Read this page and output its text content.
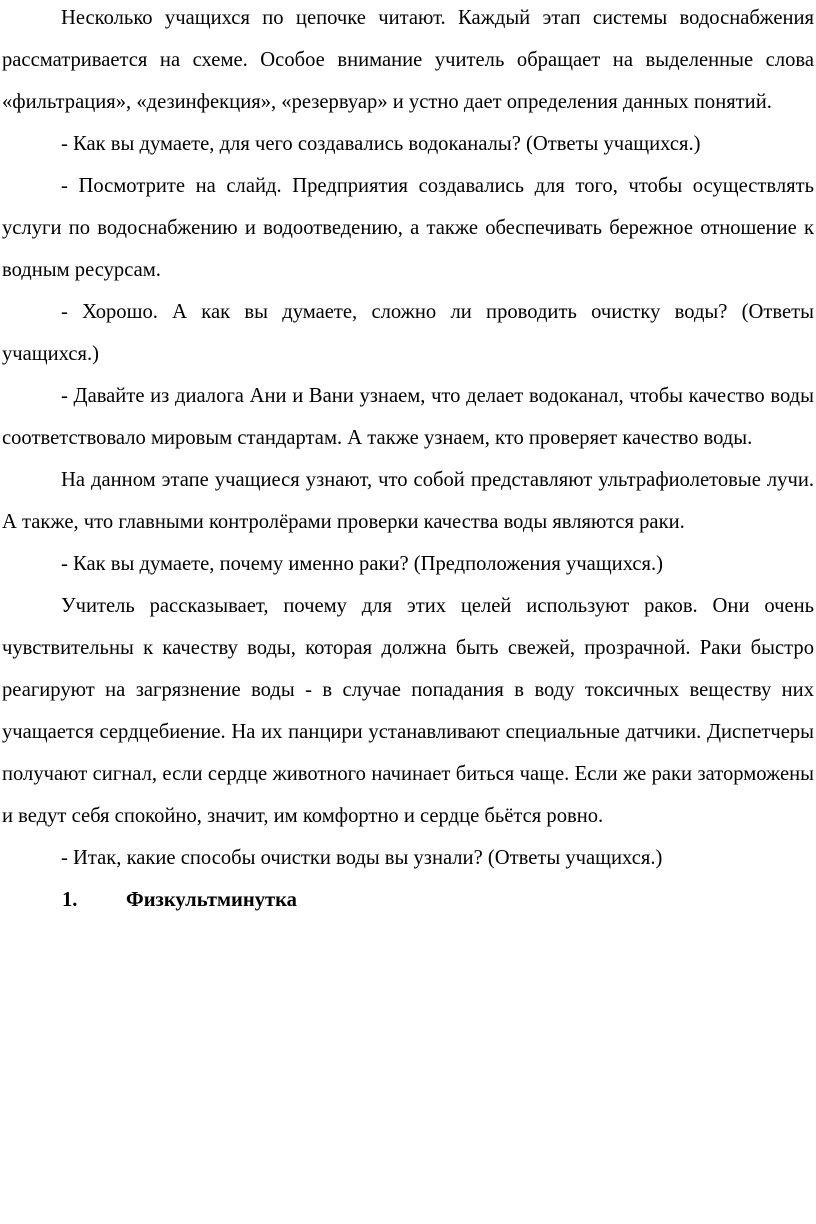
Несколько учащихся по цепочке читают. Каждый этап системы водоснабжения рассматривается на схеме. Особое внимание учитель обращает на выделенные слова «фильтрация», «дезинфекция», «резервуар» и устно дает определения данных понятий.

- Как вы думаете, для чего создавались водоканалы? (Ответы учащихся.)

- Посмотрите на слайд. Предприятия создавались для того, чтобы осуществлять услуги по водоснабжению и водоотведению, а также обеспечивать бережное отношение к водным ресурсам.

- Хорошо. А как вы думаете, сложно ли проводить очистку воды? (Ответы учащихся.)

- Давайте из диалога Ани и Вани узнаем, что делает водоканал, чтобы качество воды соответствовало мировым стандартам. А также узнаем, кто проверяет качество воды.

На данном этапе учащиеся узнают, что собой представляют ультрафиолетовые лучи. А также, что главными контролёрами проверки качества воды являются раки.

- Как вы думаете, почему именно раки? (Предположения учащихся.)

Учитель рассказывает, почему для этих целей используют раков. Они очень чувствительны к качеству воды, которая должна быть свежей, прозрачной. Раки быстро реагируют на загрязнение воды - в случае попадания в воду токсичных веществу них учащается сердцебиение. На их панцири устанавливают специальные датчики. Диспетчеры получают сигнал, если сердце животного начинает биться чаще. Если же раки заторможены и ведут себя спокойно, значит, им комфортно и сердце бьётся ровно.

- Итак, какие способы очистки воды вы узнали? (Ответы учащихся.)

1.	Физкультминутка
